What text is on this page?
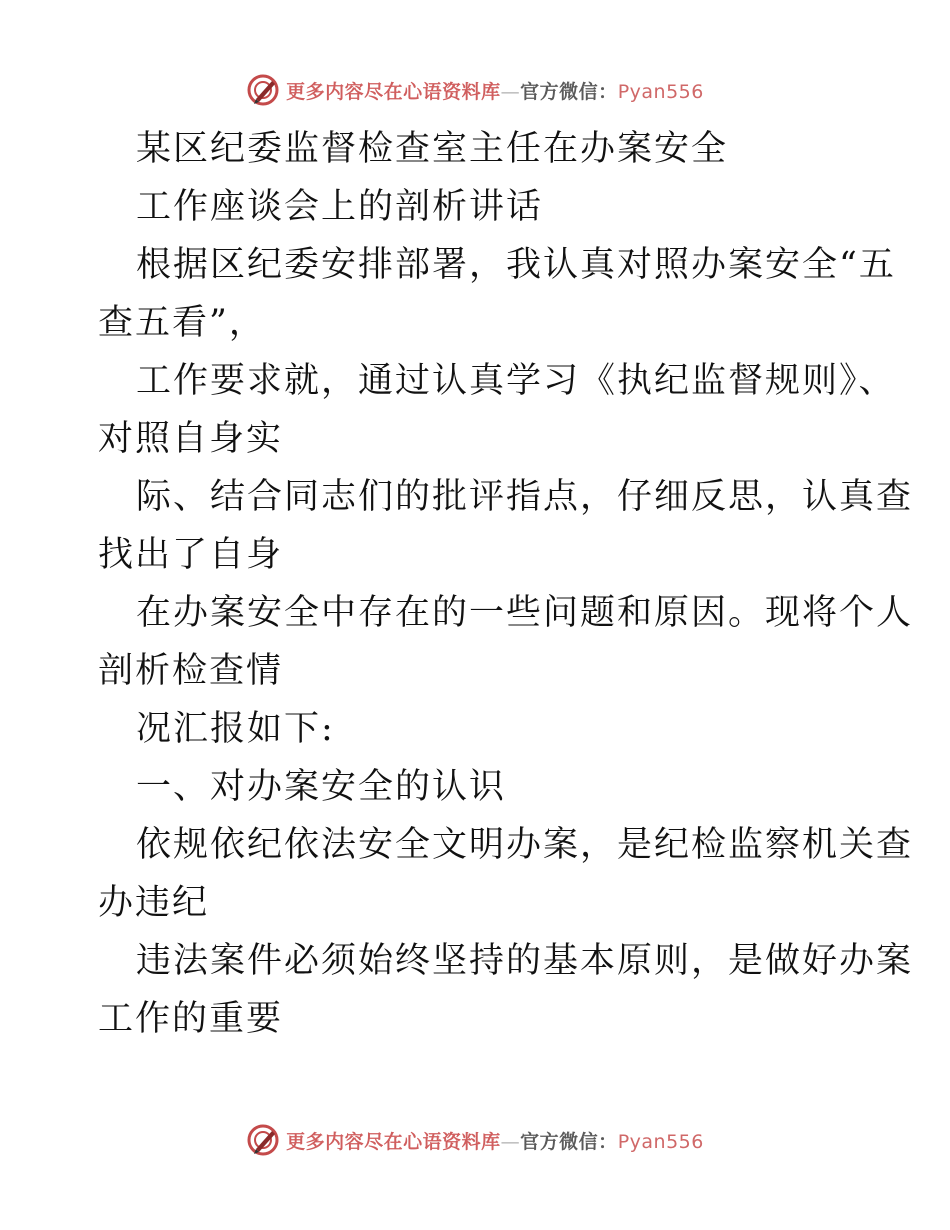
更多内容尽在心语资料库—官方微信：Pyan556
某区纪委监督检查室主任在办案安全
工作座谈会上的剖析讲话
根据区纪委安排部署，我认真对照办案安全“五
查五看”，
工作要求就，通过认真学习《执纪监督规则》、
对照自身实
际、结合同志们的批评指点，仔细反思，认真查
找出了自身
在办案安全中存在的一些问题和原因。现将个人
剖析检查情
况汇报如下:
一、对办案安全的认识
依规依纪依法安全文明办案，是纪检监察机关查
办违纪
违法案件必须始终坚持的基本原则，是做好办案
工作的重要
更多内容尽在心语资料库—官方微信：Pyan556
